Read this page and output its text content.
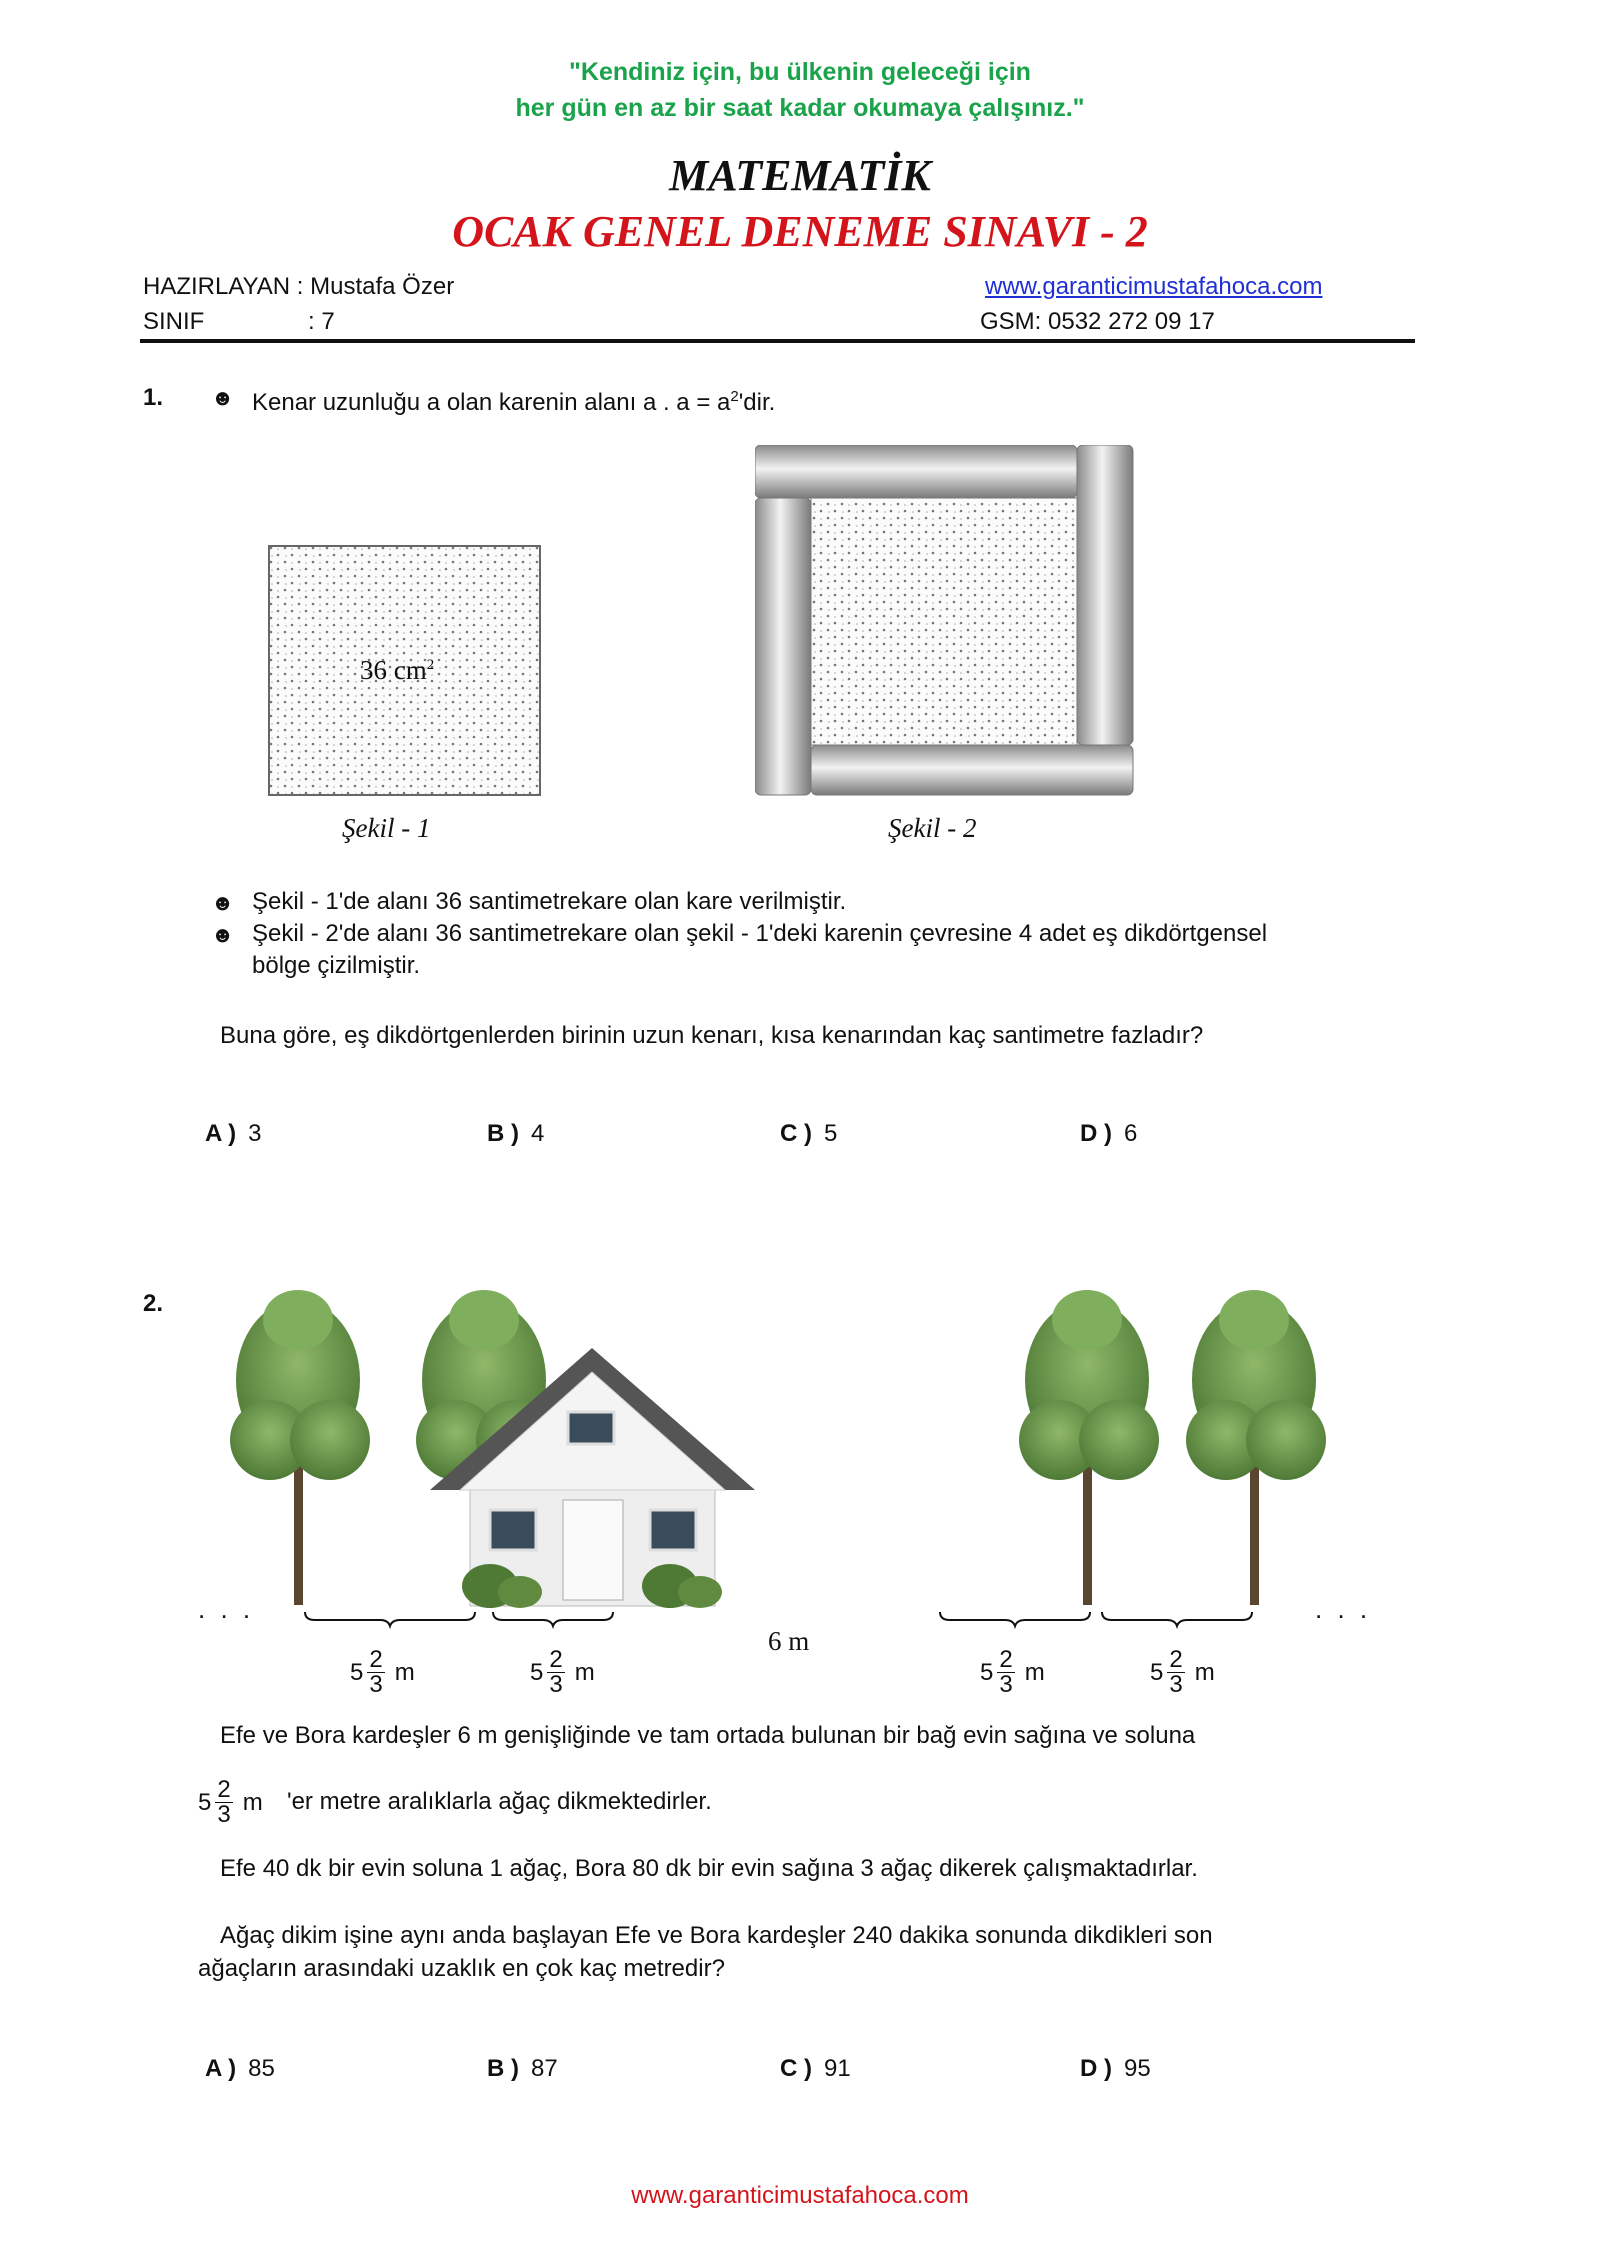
"Kendiniz için, bu ülkenin geleceği için
her gün en az bir saat kadar okumaya çalışınız."
MATEMATİK
OCAK GENEL DENEME SINAVI - 2
HAZIRLAYAN : Mustafa Özer	www.garanticimustafahoca.com
SINIF	: 7	GSM: 0532 272 09 17
1. ☻ Kenar uzunluğu a olan karenin alanı a . $a = a^2'dir$.
36 $cm^2$
Şekil - 1	Şekil - 2
☻ Şekil - 1'de alanı 36 santimetrekare olan kare verilmiştir.
☻ Şekil - 2'de alanı 36 santimetrekare olan şekil - 1'deki karenin çevresine 4 adet eş dikdörtgensel
bölge çizilmiştir.
Buna göre, eş dikdörtgenlerden birinin uzun kenarı, kısa kenarından kaç santimetre fazladır?
A ) 3	B ) 4	C ) 5	D ) 6
2.
. . .	. . .
6 m
5 2
3 m	5 2
3 m	5 2
3 m	5 2
3 m
Efe ve Bora kardeşler 6 m genişliğinde ve tam ortada bulunan bir bağ evin sağına ve soluna
5 2
3 m 'er metre aralıklarla ağaç dikmektedirler.
Efe 40 dk bir evin soluna 1 ağaç, Bora 80 dk bir evin sağına 3 ağaç dikerek çalışmaktadırlar.
Ağaç dikim işine aynı anda başlayan Efe ve Bora kardeşler 240 dakika sonunda dikdikleri son
ağaçların arasındaki uzaklık en çok kaç metredir?
A ) 85	B ) 87	C ) 91	D ) 95
www.garanticimustafahoca.com
